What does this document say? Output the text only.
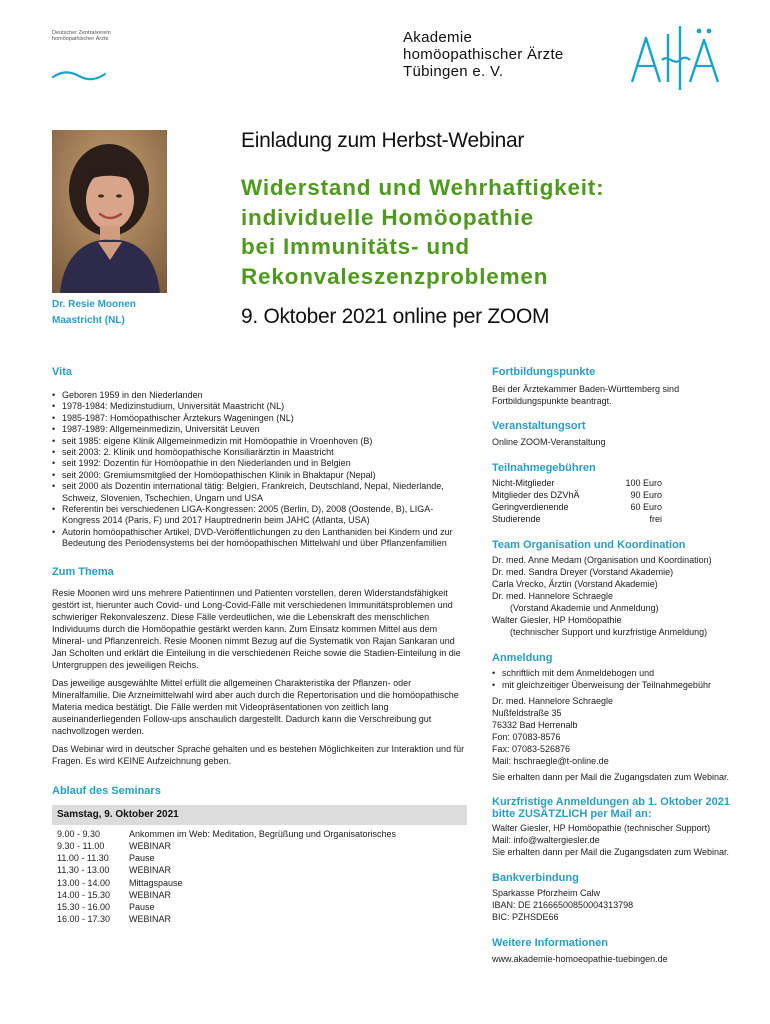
Deutscher Zentralverein
homöopathischer Ärzte	Akademie
homöopathischer Ärzte
Tübingen e. V.
Dr. Resie Moonen
Maastricht (NL)
Einladung zum Herbst-Webinar
Widerstand und Wehrhaftigkeit:
individuelle Homöopathie
bei Immunitäts- und
Rekonvaleszenzproblemen
9. Oktober 2021 online per ZOOM
Vita
• Geboren 1959 in den Niederlanden
• 1978-1984: Medizinstudium, Universität Maastricht (NL)
• 1985-1987: Homöopathischer Ärztekurs Wageningen (NL)
• 1987-1989: Allgemeinmedizin, Universität Leuven
• seit 1985: eigene Klinik Allgemeinmedizin mit Homöopathie in Vroenhoven (B)
• seit 2003: 2. Klinik und homöopathische Konsiliarärztin in Maastricht
• seit 1992: Dozentin für Homöopathie in den Niederlanden und in Belgien
• seit 2000: Gremiumsmitglied der Homöopathischen Klinik in Bhaktapur (Nepal)
• seit 2000 als Dozentin international tätig: Belgien, Frankreich, Deutschland, Nepal, Niederlande, Schweiz, Slovenien, Tschechien, Ungarn und USA
• Referentin bei verschiedenen LIGA-Kongressen: 2005 (Berlin, D), 2008 (Oostende, B), LIGA-Kongress 2014 (Paris, F) und 2017 Hauptrednerin beim JAHC (Atlanta, USA)
• Autorin homöopathischer Artikel, DVD-Veröffentlichungen zu den Lanthaniden bei Kindern und zur Bedeutung des Periodensystems bei der homöopathischen Mittelwahl und über Pflanzenfamilien
Zum Thema

Resie Moonen wird uns mehrere Patientinnen und Patienten vorstellen, deren Widerstandsfähigkeit gestört ist, hierunter auch Covid- und Long-Covid-Fälle mit verschiedenen Immunitätsproblemen und schwieriger Rekonvaleszenz. Diese Fälle verdeutlichen, wie die Lebenskraft des menschlichen Individuums durch die Homöopathie gestärkt werden kann. Zum Einsatz kommen Mittel aus dem Mineral- und Pflanzenreich. Resie Moonen nimmt Bezug auf die Systematik von Rajan Sankaran und Jan Scholten und erklärt die Einteilung in die verschiedenen Reiche sowie die Stadien-Einteilung in die Untergruppen des jeweiligen Reichs.

Das jeweilige ausgewählte Mittel erfüllt die allgemeinen Charakteristika der Pflanzen- oder Mineralfamilie. Die Arzneimittelwahl wird aber auch durch die Repertorisation und die homöopathische Materia medica bestätigt. Die Fälle werden mit Videopräsentationen von zeitlich lang auseinanderliegenden Follow-ups anschaulich dargestellt. Dadurch kann die Verschreibung gut nachvollzogen werden.

Das Webinar wird in deutscher Sprache gehalten und es bestehen Möglichkeiten zur Interaktion und für Fragen. Es wird KEINE Aufzeichnung geben.

Ablauf des Seminars
Samstag, 9. Oktober 2021
9.00 - 9.30	Ankommen im Web: Meditation, Begrüßung und Organisatorisches
9.30 - 11.00	WEBINAR
11.00 - 11.30	Pause
11.30 - 13.00	WEBINAR
13.00 - 14.00	Mittagspause
14.00 - 15.30	WEBINAR
15.30 - 16.00	Pause
16.00 - 17.30	WEBINAR
Fortbildungspunkte
Bei der Ärztekammer Baden-Württemberg sind
Fortbildungspunkte beantragt.
Veranstaltungsort
Online ZOOM-Veranstaltung
Teilnahmegebühren
Nicht-Mitglieder	100 Euro
Mitglieder des DZVhÄ	90 Euro
Geringverdienende	60 Euro
Studierende	frei
Team Organisation und Koordination
Dr. med. Anne Medam (Organisation und Koordination)
Dr. med. Sandra Dreyer (Vorstand Akademie)
Carla Vrecko, Ärztin (Vorstand Akademie)
Dr. med. Hannelore Schraegle
(Vorstand Akademie und Anmeldung)
Walter Giesler, HP Homöopathie
(technischer Support und kurzfristige Anmeldung)
Anmeldung
• schriftlich mit dem Anmeldebogen und
• mit gleichzeitiger Überweisung der Teilnahmegebühr
Dr. med. Hannelore Schraegle
Nußfeldstraße 35
76332 Bad Herrenalb
Fon: 07083-8576
Fax: 07083-526876
Mail: hschraegle@t-online.de
Sie erhalten dann per Mail die Zugangsdaten zum Webinar.
Kurzfristige Anmeldungen ab 1. Oktober 2021
bitte ZUSÄTZLICH per Mail an:
Walter Giesler, HP Homöopathie (technischer Support)
Mail: info@waltergiesler.de
Sie erhalten dann per Mail die Zugangsdaten zum Webinar.
Bankverbindung
Sparkasse Pforzheim Calw
IBAN: DE 21666500850004313798
BIC: PZHSDE66
Weitere Informationen
www.akademie-homoeopathie-tuebingen.de
